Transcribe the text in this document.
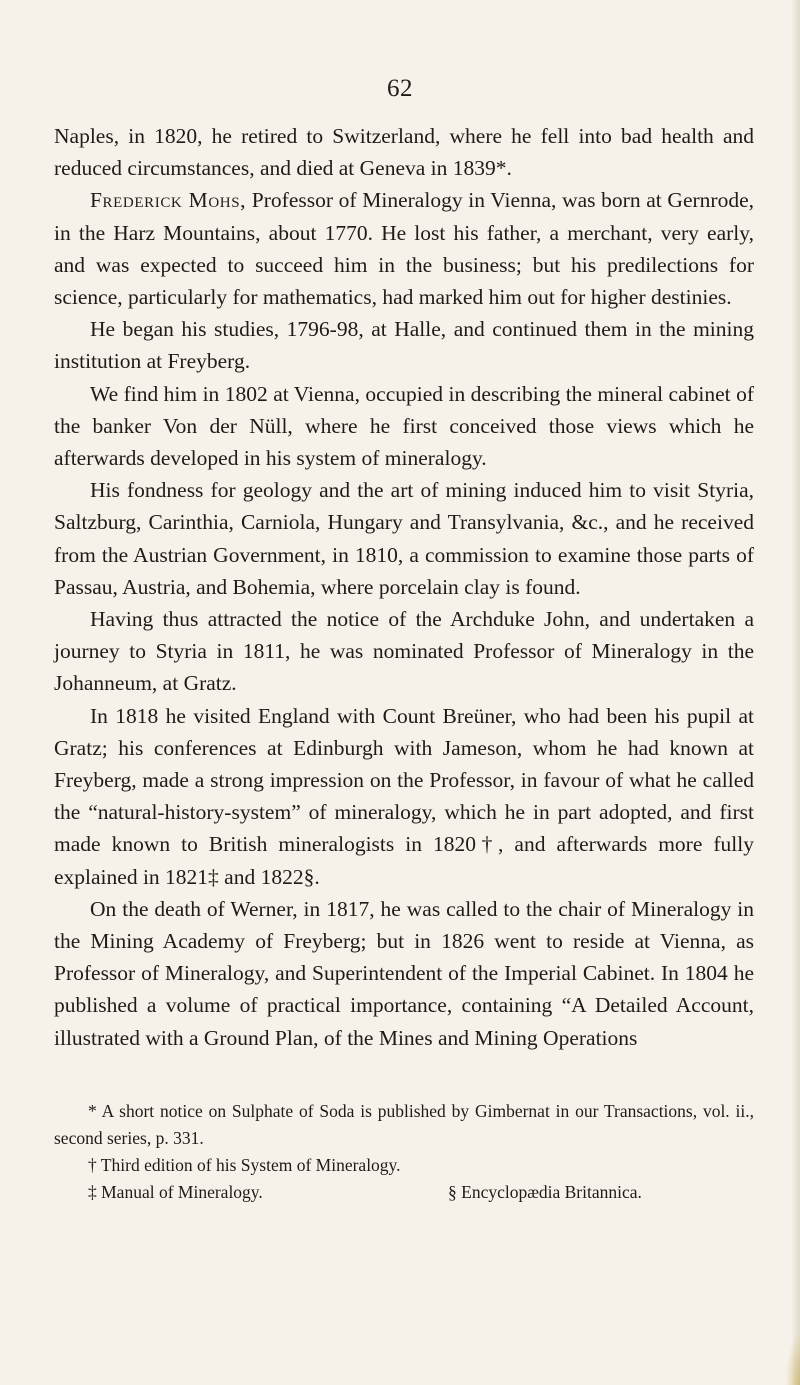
62

Naples, in 1820, he retired to Switzerland, where he fell into bad health and reduced circumstances, and died at Geneva in 1839*.

Frederick Mohs, Professor of Mineralogy in Vienna, was born at Gernrode, in the Harz Mountains, about 1770. He lost his father, a merchant, very early, and was expected to succeed him in the business; but his predilections for science, particularly for mathematics, had marked him out for higher destinies.

He began his studies, 1796-98, at Halle, and continued them in the mining institution at Freyberg.

We find him in 1802 at Vienna, occupied in describing the mineral cabinet of the banker Von der Nüll, where he first conceived those views which he afterwards developed in his system of mineralogy.

His fondness for geology and the art of mining induced him to visit Styria, Saltzburg, Carinthia, Carniola, Hungary and Transylvania, &c., and he received from the Austrian Government, in 1810, a commission to examine those parts of Passau, Austria, and Bohemia, where porcelain clay is found.

Having thus attracted the notice of the Archduke John, and undertaken a journey to Styria in 1811, he was nominated Professor of Mineralogy in the Johanneum, at Gratz.

In 1818 he visited England with Count Breüner, who had been his pupil at Gratz; his conferences at Edinburgh with Jameson, whom he had known at Freyberg, made a strong impression on the Professor, in favour of what he called the “natural-history-system” of mineralogy, which he in part adopted, and first made known to British mineralogists in 1820†, and afterwards more fully explained in 1821‡ and 1822§.

On the death of Werner, in 1817, he was called to the chair of Mineralogy in the Mining Academy of Freyberg; but in 1826 went to reside at Vienna, as Professor of Mineralogy, and Superintendent of the Imperial Cabinet. In 1804 he published a volume of practical importance, containing “A Detailed Account, illustrated with a Ground Plan, of the Mines and Mining Operations

* A short notice on Sulphate of Soda is published by Gimbernat in our Transactions, vol. ii., second series, p. 331.

† Third edition of his System of Mineralogy.

‡ Manual of Mineralogy.	§ Encyclopædia Britannica.
